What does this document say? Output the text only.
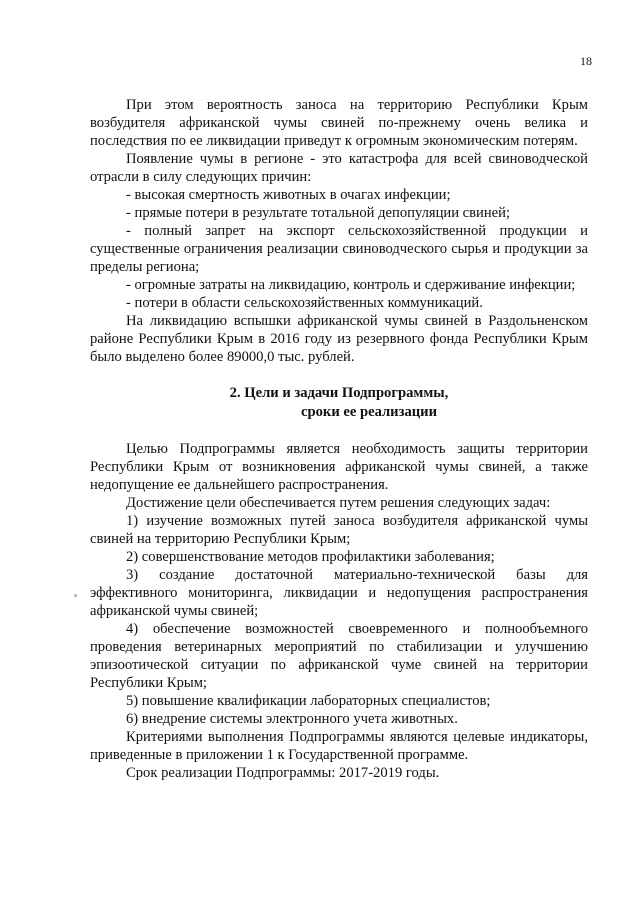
18

При этом вероятность заноса на территорию Республики Крым возбудителя африканской чумы свиней по-прежнему очень велика и последствия по ее ликвидации приведут к огромным экономическим потерям.

Появление чумы в регионе - это катастрофа для всей свиноводческой отрасли в силу следующих причин:

- высокая смертность животных в очагах инфекции;

- прямые потери в результате тотальной депопуляции свиней;

- полный запрет на экспорт сельскохозяйственной продукции и существенные ограничения реализации свиноводческого сырья и продукции за пределы региона;

- огромные затраты на ликвидацию, контроль и сдерживание инфекции;

- потери в области сельскохозяйственных коммуникаций.

На ликвидацию вспышки африканской чумы свиней в Раздольненском районе Республики Крым в 2016 году из резервного фонда Республики Крым было выделено более 89000,0 тыс. рублей.

2. Цели и задачи Подпрограммы,
сроки ее реализации

Целью Подпрограммы является необходимость защиты территории Республики Крым от возникновения африканской чумы свиней, а также недопущение ее дальнейшего распространения.

Достижение цели обеспечивается путем решения следующих задач:

1) изучение возможных путей заноса возбудителя африканской чумы свиней на территорию Республики Крым;

2) совершенствование методов профилактики заболевания;

3) создание достаточной материально-технической базы для эффективного мониторинга, ликвидации и недопущения распространения африканской чумы свиней;

4) обеспечение возможностей своевременного и полнообъемного проведения ветеринарных мероприятий по стабилизации и улучшению эпизоотической ситуации по африканской чуме свиней на территории Республики Крым;

5) повышение квалификации лабораторных специалистов;

6) внедрение системы электронного учета животных.

Критериями выполнения Подпрограммы являются целевые индикаторы, приведенные в приложении 1 к Государственной программе.

Срок реализации Подпрограммы: 2017-2019 годы.
